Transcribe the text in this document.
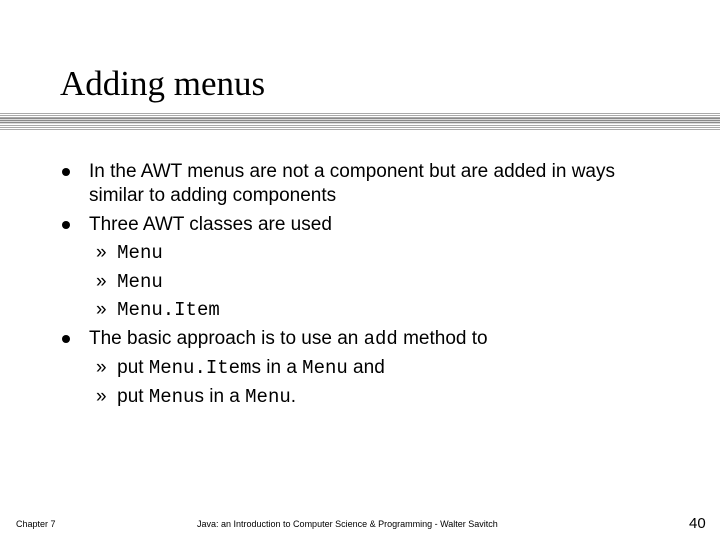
Adding menus
In the AWT menus are not a component but are added in ways
similar to adding components
Three AWT classes are used
» Menu
» Menu
» Menu.Item
The basic approach is to use an add method to
» put Menu.Items in a Menu and
» put Menus in a Menu.
Chapter 7	Java: an Introduction to Computer Science & Programming - Walter Savitch	40
